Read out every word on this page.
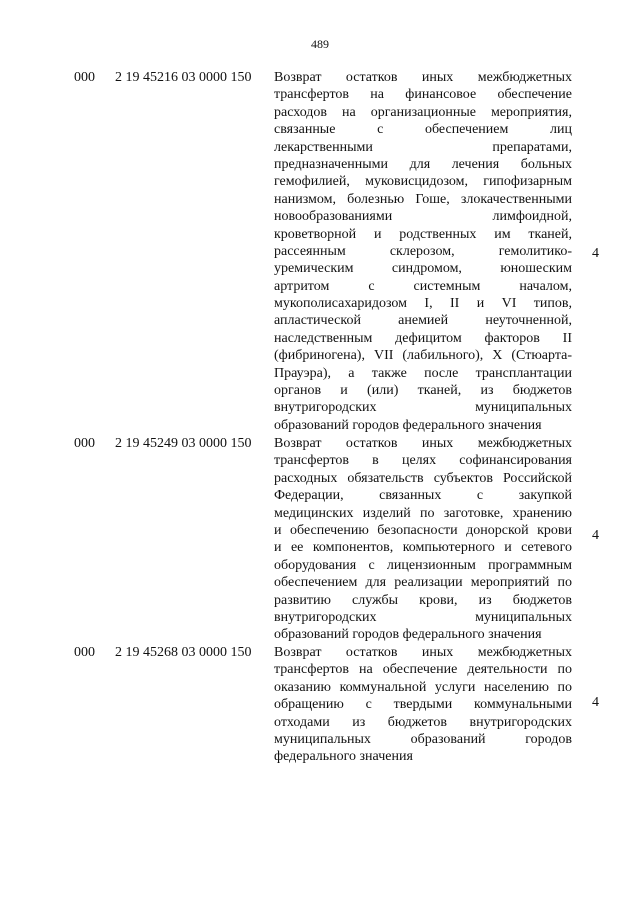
489
000 2 19 45216 03 0000 150 Возврат остатков иных межбюджетных
трансфертов на финансовое обеспечение
расходов на организационные мероприятия,
связанные с обеспечением лиц
лекарственными препаратами,
предназначенными для лечения больных
гемофилией, муковисцидозом, гипофизарным
нанизмом, болезнью Гоше, злокачественными
новообразованиями лимфоидной,
кроветворной и родственных им тканей,
рассеянным склерозом, гемолитико-
уремическим синдромом, юношеским
артритом с системным началом,
мукополисахаридозом I, II и VI типов,
апластической анемией неуточненной,
наследственным дефицитом факторов II
(фибриногена), VII (лабильного), X (Стюарта-
Прауэра), а также после трансплантации
органов и (или) тканей, из бюджетов
внутригородских муниципальных
образований городов федерального значения
4
000 2 19 45249 03 0000 150 Возврат остатков иных межбюджетных
трансфертов в целях софинансирования
расходных обязательств субъектов Российской
Федерации, связанных с закупкой
медицинских изделий по заготовке, хранению
и обеспечению безопасности донорской крови
и ее компонентов, компьютерного и сетевого
оборудования с лицензионным программным
обеспечением для реализации мероприятий по
развитию службы крови, из бюджетов
внутригородских муниципальных
образований городов федерального значения
4
000 2 19 45268 03 0000 150 Возврат остатков иных межбюджетных
трансфертов на обеспечение деятельности по
оказанию коммунальной услуги населению по
обращению с твердыми коммунальными
отходами из бюджетов внутригородских
муниципальных образований городов
федерального значения
4
